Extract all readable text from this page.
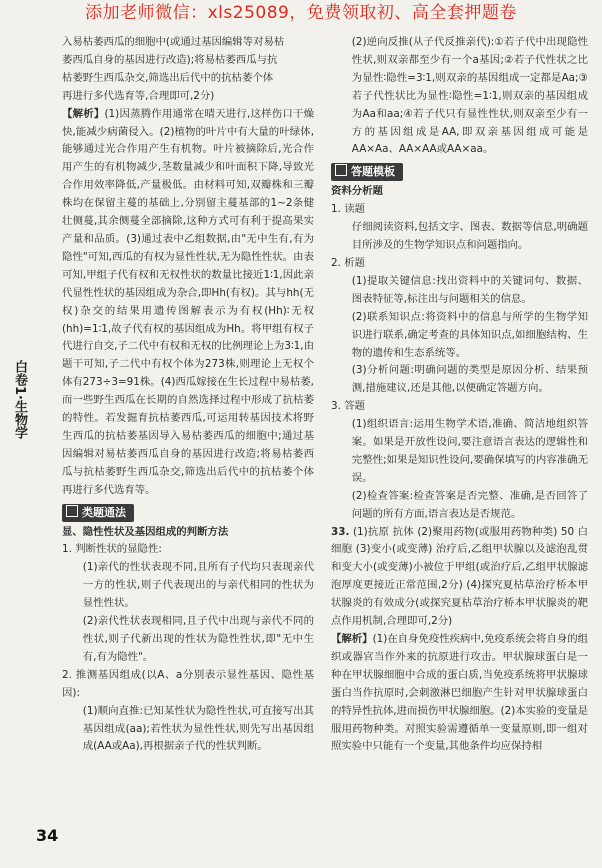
添加老师微信：xls25089，免费领取初、高全套押题卷
白卷1·生物学

入易枯萎西瓜的细胞中(或通过基因编辑等对易枯

萎西瓜自身的基因进行改造);将易枯萎西瓜与抗

枯萎野生西瓜杂交,筛选出后代中的抗枯萎个体

再进行多代选育等,合理即可,2分)

【解析】(1)因蒸腾作用通常在晴天进行,这样伤口干燥快,能减少病菌侵入。(2)植物的叶片中有大量的叶绿体,能够通过光合作用产生有机物。叶片被摘除后,光合作用产生的有机物减少,茎数量减少和叶面积下降,导致光合作用效率降低,产量极低。由材料可知,双瓣株和三瓣株均在保留主蔓的基础上,分别留主蔓基部的1~2条健壮侧蔓,其余侧蔓全部摘除,这种方式可有利于提高果实产量和品质。(3)通过表中乙组数据,由"无中生有,有为隐性"可知,西瓜的有权为显性性状,无为隐性性状。由表可知,甲组子代有权和无权性状的数量比接近1∶1,因此亲代显性性状的基因组成为杂合,即Hh(有权)。其与hh(无权)杂交的结果用遗传图解表示为有权(Hh)∶无权(hh)=1∶1,故子代有权的基因组成为Hh。将甲组有权子代进行自交,子二代中有权和无权的比例理论上为3∶1,由题干可知,子二代中有权个体为273株,则理论上无权个体有273÷3=91株。(4)西瓜嫁接在生长过程中易枯萎,而一些野生西瓜在长期的自然选择过程中形成了抗枯萎的特性。若发掘育抗枯萎西瓜,可运用转基因技术将野生西瓜的抗枯萎基因导入易枯萎西瓜的细胞中;通过基因编辑对易枯萎西瓜自身的基因进行改造;将易枯萎西瓜与抗枯萎野生西瓜杂交,筛选出后代中的抗枯萎个体再进行多代选育等。

类题通法

显、隐性性状及基因组成的判断方法

1. 判断性状的显隐性:

(1)亲代的性状表现不同,且所有子代均只表现亲代一方的性状,则子代表现出的与亲代相同的性状为显性性状。

(2)亲代性状表现相同,且子代中出现与亲代不同的性状,则子代新出现的性状为隐性性状,即"无中生有,有为隐性"。

2. 推测基因组成(以A、a分别表示显性基因、隐性基因):

(1)顺向直推:已知某性状为隐性性状,可直接写出其基因组成(aa);若性状为显性性状,则先写出基因组成(AA或Aa),再根据亲子代的性状判断。

(2)逆向反推(从子代反推亲代):①若子代中出现隐性性状,则双亲都至少有一个a基因;②若子代性状之比为显性∶隐性=3∶1,则双亲的基因组成一定都是Aa;③若子代性状比为显性∶隐性=1∶1,则双亲的基因组成为Aa和aa;④若子代只有显性性状,则双亲至少有一方的基因组成是AA,即双亲基因组成可能是AA×Aa、AA×AA或AA×aa。

答题模板

资料分析题

1. 读题

仔细阅读资料,包括文字、图表、数据等信息,明确题目所涉及的生物学知识点和问题指向。

2. 析题

(1)提取关键信息:找出资料中的关键词句、数据、图表特征等,标注出与问题相关的信息。

(2)联系知识点:将资料中的信息与所学的生物学知识进行联系,确定考查的具体知识点,如细胞结构、生物的遗传和生态系统等。

(3)分析问题:明确问题的类型是原因分析、结果预测,措施建议,还是其他,以便确定答题方向。

3. 答题

(1)组织语言:运用生物学术语,准确、简洁地组织答案。如果是开放性设问,要注意语言表达的逻辑性和完整性;如果是知识性设问,要确保填写的内容准确无误。

(2)检查答案:检查答案是否完整、准确,是否回答了问题的所有方面,语言表达是否规范。

33. (1)抗原 抗体 (2)聚用药物(或服用药物种类) 50 白细胞 (3)变小(或变薄) 治疗后,乙组甲状腺以及滤泡乱贯和变大小(或变薄)小被位于甲组(或治疗后,乙组甲状腺滤泡厚度更接近正常范围,2分) (4)探究夏枯草治疗桥本甲状腺炎的有效成分(或探究夏枯草治疗桥本甲状腺炎的靶点作用机制,合理即可,2分)

【解析】(1)在自身免疫性疾病中,免疫系统会将自身的组织或器官当作外来的抗原进行攻击。甲状腺球蛋白是一种在甲状腺细胞中合成的蛋白质,当免疫系统将甲状腺球蛋白当作抗原时,会刺激淋巴细胞产生针对甲状腺球蛋白的特异性抗体,进而损伤甲状腺细胞。(2)本实验的变量是服用药物种类。对照实验需遵循单一变量原则,即一组对照实验中只能有一个变量,其他条件均应保持相

34
